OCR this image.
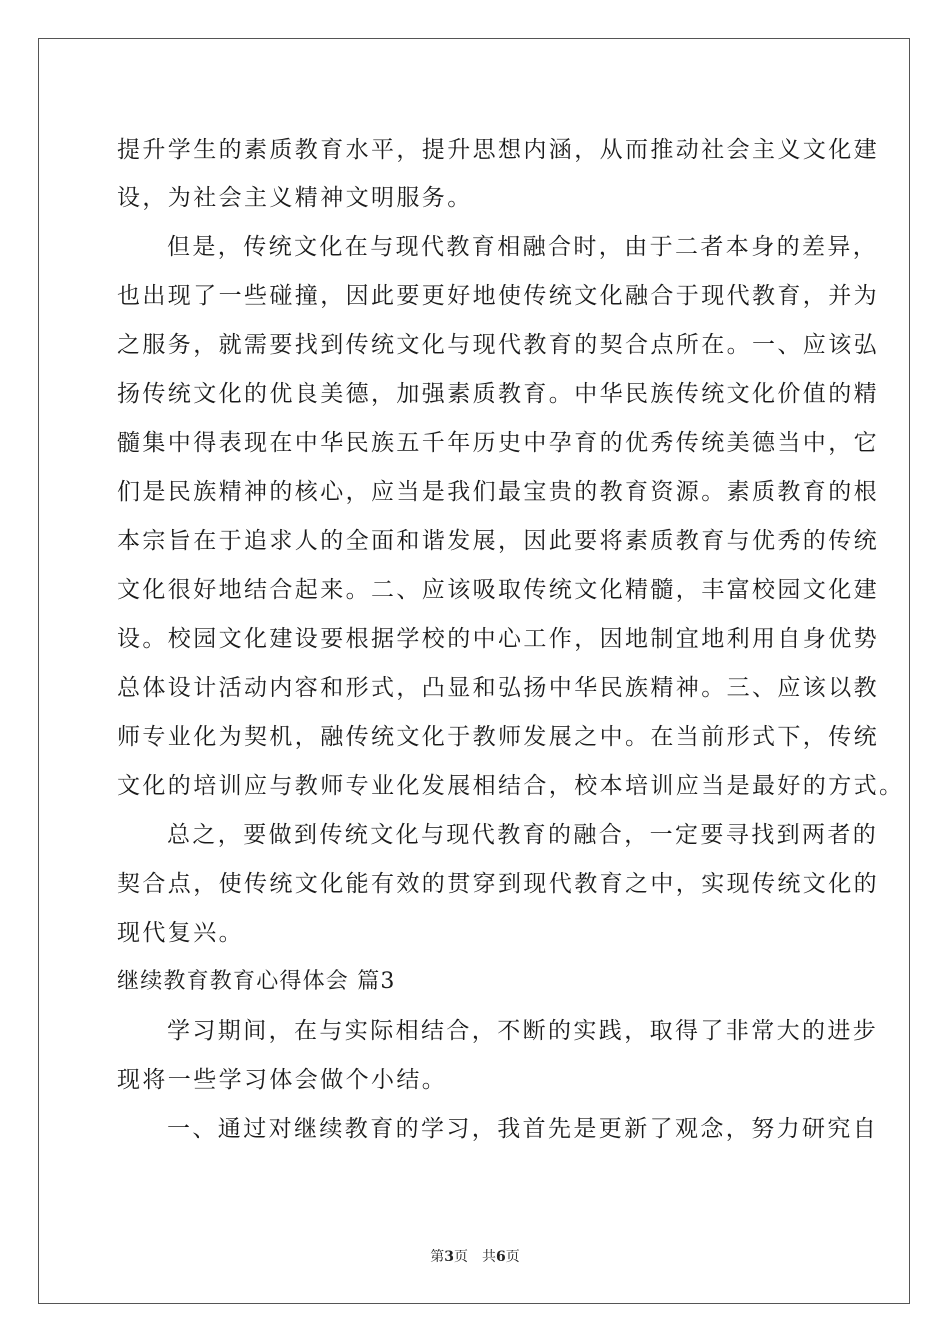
提升学生的素质教育水平，提升思想内涵，从而推动社会主义文化建
设，为社会主义精神文明服务。
但是，传统文化在与现代教育相融合时，由于二者本身的差异，
也出现了一些碰撞，因此要更好地使传统文化融合于现代教育，并为
之服务，就需要找到传统文化与现代教育的契合点所在。一、应该弘
扬传统文化的优良美德，加强素质教育。中华民族传统文化价值的精
髓集中得表现在中华民族五千年历史中孕育的优秀传统美德当中，它
们是民族精神的核心，应当是我们最宝贵的教育资源。素质教育的根
本宗旨在于追求人的全面和谐发展，因此要将素质教育与优秀的传统
文化很好地结合起来。二、应该吸取传统文化精髓，丰富校园文化建
设。校园文化建设要根据学校的中心工作，因地制宜地利用自身优势
总体设计活动内容和形式，凸显和弘扬中华民族精神。三、应该以教
师专业化为契机，融传统文化于教师发展之中。在当前形式下，传统
文化的培训应与教师专业化发展相结合，校本培训应当是最好的方式。
总之，要做到传统文化与现代教育的融合，一定要寻找到两者的
契合点，使传统文化能有效的贯穿到现代教育之中，实现传统文化的
现代复兴。
继续教育教育心得体会 篇3
学习期间，在与实际相结合，不断的实践，取得了非常大的进步
现将一些学习体会做个小结。
一、通过对继续教育的学习，我首先是更新了观念，努力研究自
第3页 共6页
